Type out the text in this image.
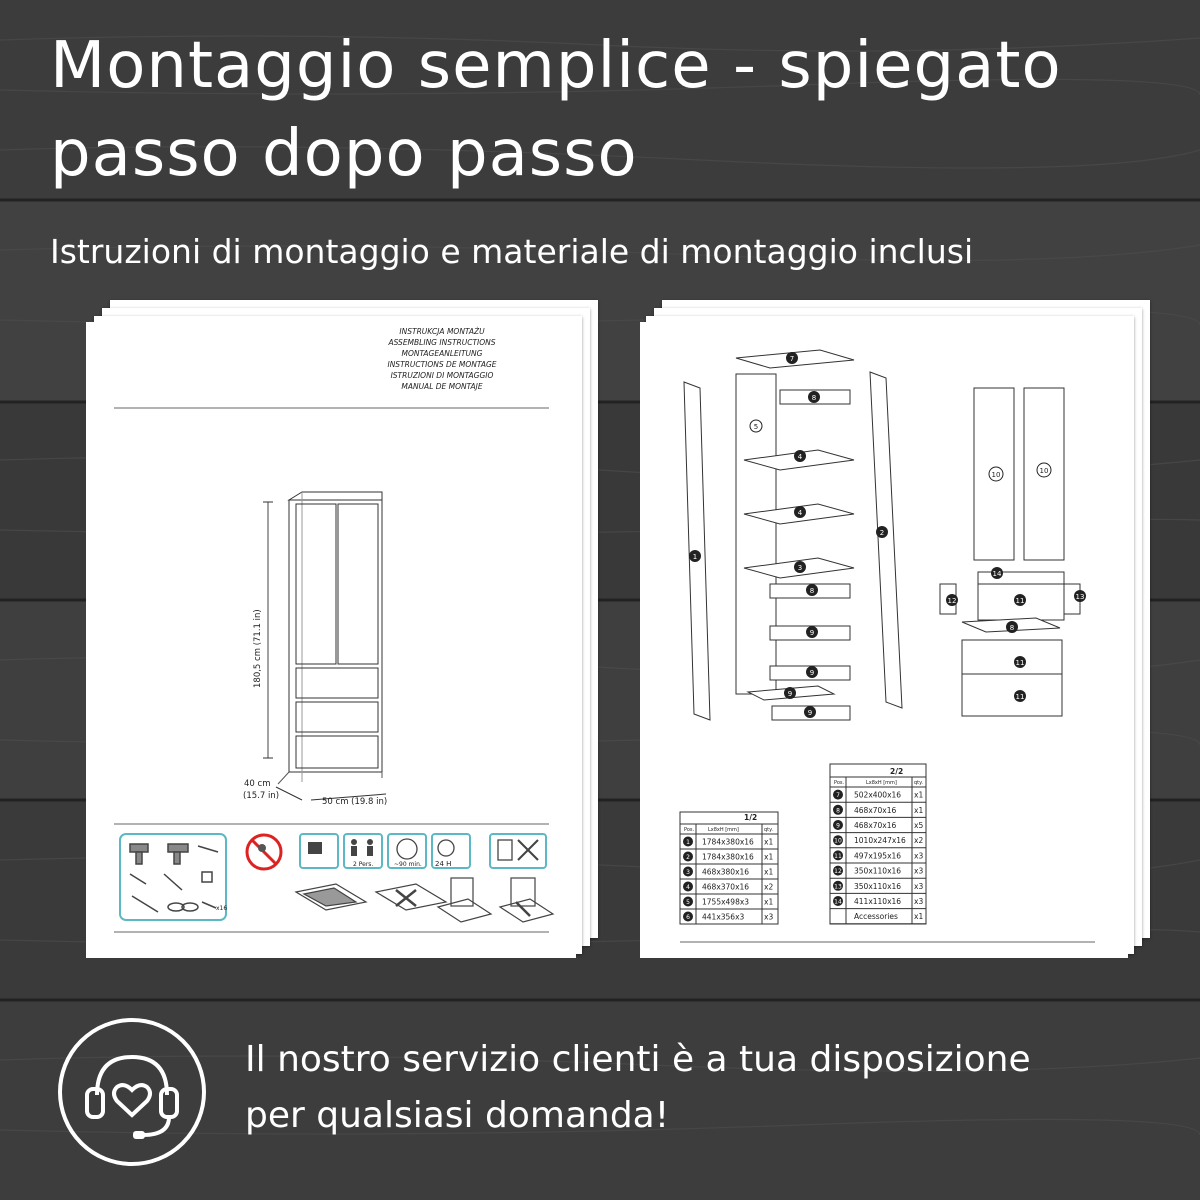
Montaggio semplice - spiegato
passo dopo passo
Istruzioni di montaggio e materiale di montaggio inclusi
INSTRUKCJA MONTAŻU
ASSEMBLING INSTRUCTIONS
MONTAGEANLEITUNG
INSTRUCTIONS DE MONTAGE
ISTRUZIONI DI MONTAGGIO
MANUAL DE MONTAJE
180,5 cm (71.1 in)
40 cm
(15.7 in)
50 cm (19.8 in)
x16
2 Pers.	~90 min. 24 H
7
8
5
4
4
3
8
9
9
9
9
1
2
10	10
14
12	11	13
8
11
11
1/2
Pos.	Lx8xH [mm]	qty.
1 1784x380x16 x1
2 1784x380x16 x1
3 468x380x16 x1
4 468x370x16 x2
5 1755x498x3 x1
6 441x356x3	x3
2/2
Pos.	Lx8xH [mm]	qty.
7 502x400x16 x1
8 468x70x16 x1
9 468x70x16 x5
10 1010x247x16 x2
11 497x195x16 x3
12 350x110x16 x3
13 350x110x16 x3
14 411x110x16 x3
Accessories x1
Il nostro servizio clienti è a tua disposizione
per qualsiasi domanda!
